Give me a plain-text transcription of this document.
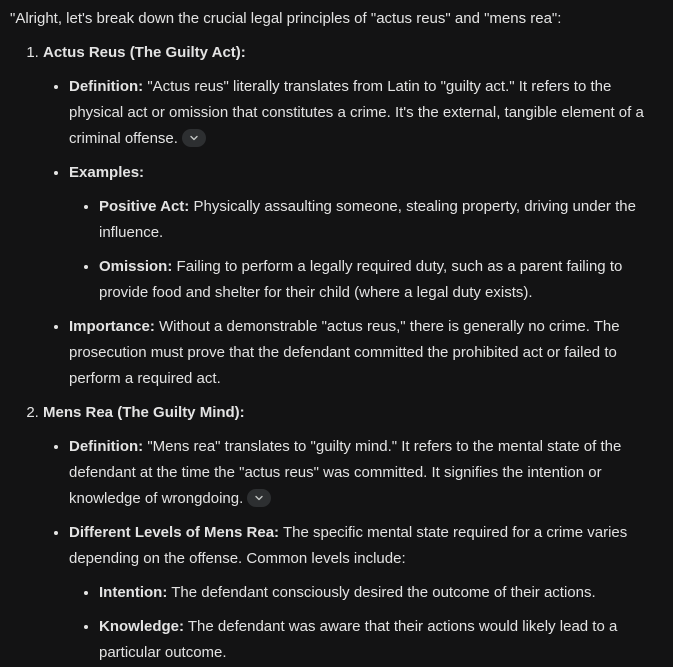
"Alright, let's break down the crucial legal principles of "actus reus" and "mens rea":

1. Actus Reus (The Guilty Act):
• Definition: "Actus reus" literally translates from Latin to "guilty act." It refers to the physical act or omission that constitutes a crime. It's the external, tangible element of a criminal offense.
• Examples:
• Positive Act: Physically assaulting someone, stealing property, driving under the influence.
• Omission: Failing to perform a legally required duty, such as a parent failing to provide food and shelter for their child (where a legal duty exists).
• Importance: Without a demonstrable "actus reus," there is generally no crime. The prosecution must prove that the defendant committed the prohibited act or failed to perform a required act.
2. Mens Rea (The Guilty Mind):
• Definition: "Mens rea" translates to "guilty mind." It refers to the mental state of the defendant at the time the "actus reus" was committed. It signifies the intention or knowledge of wrongdoing.
• Different Levels of Mens Rea: The specific mental state required for a crime varies depending on the offense. Common levels include:
• Intention: The defendant consciously desired the outcome of their actions.
• Knowledge: The defendant was aware that their actions would likely lead to a particular outcome.
